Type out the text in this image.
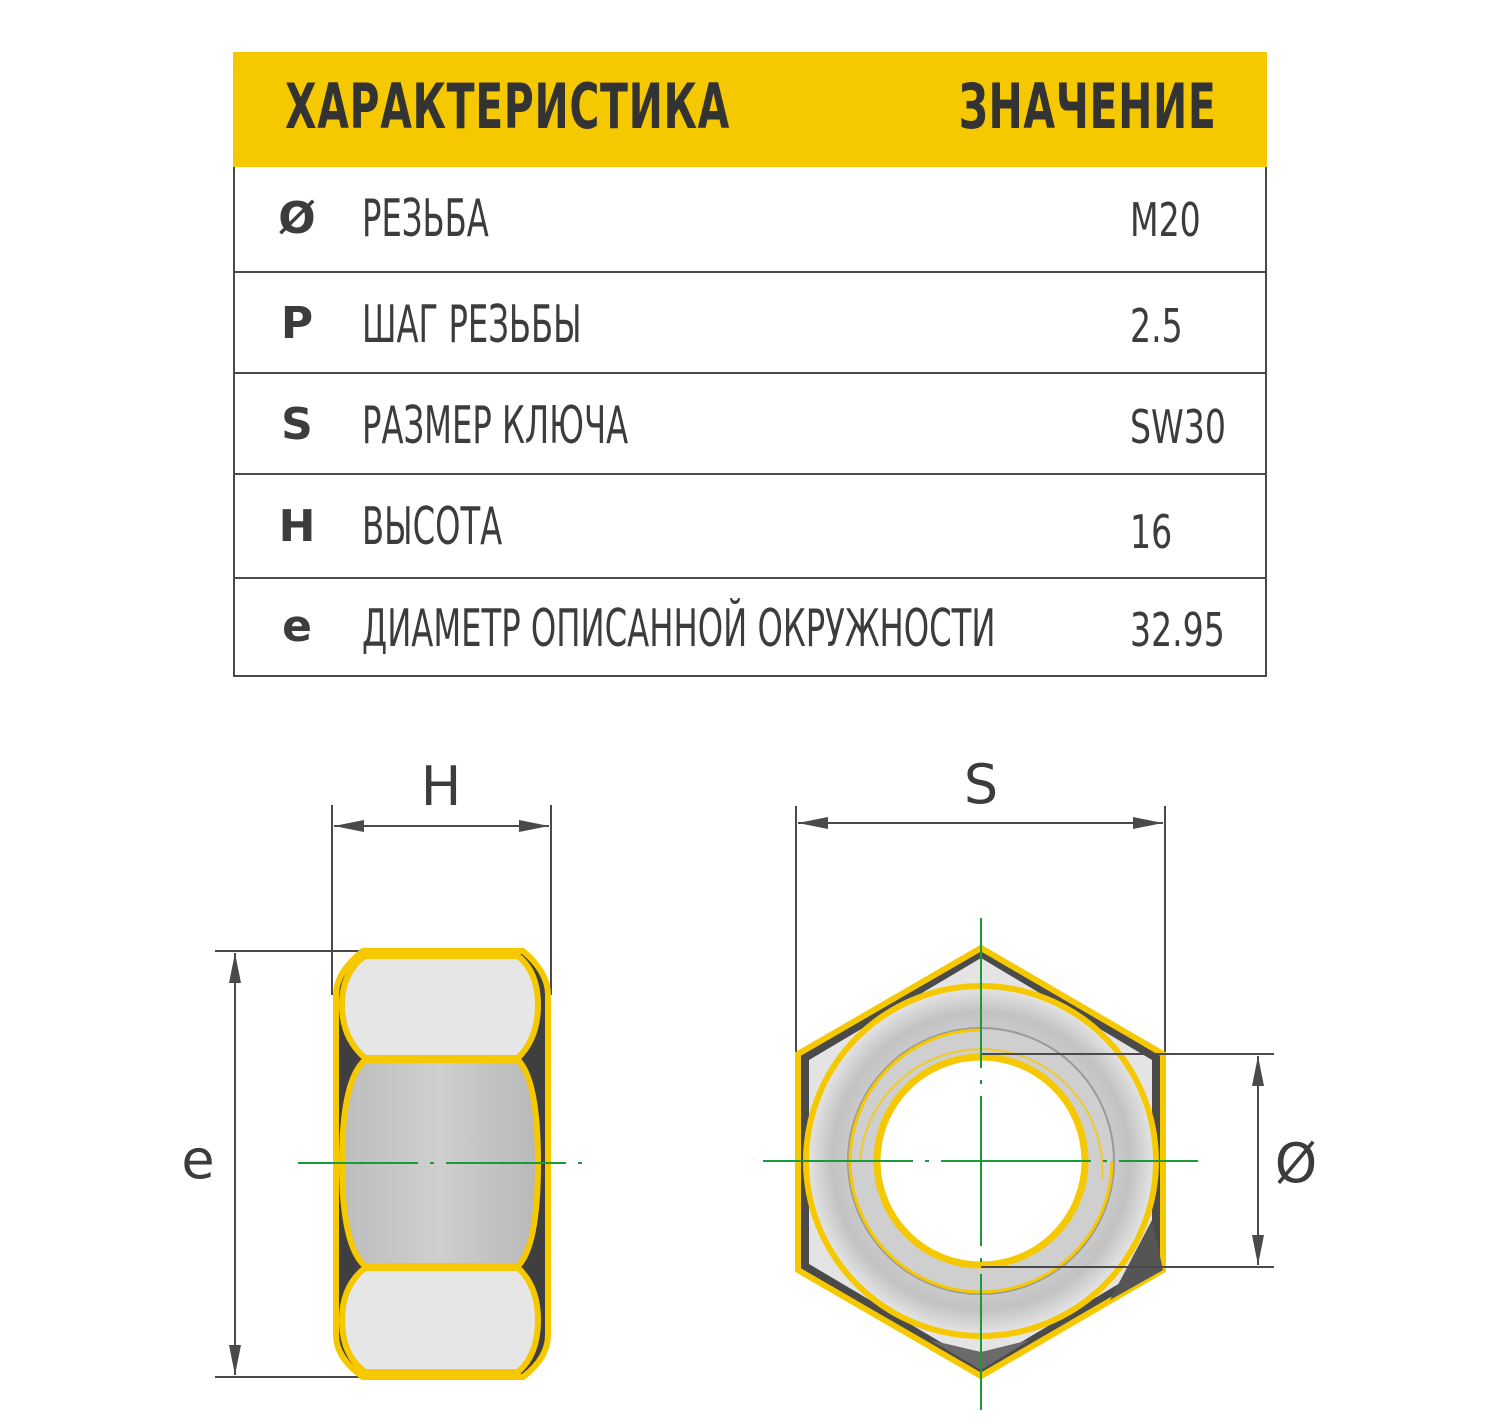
ХАРАКТЕРИСТИКА	ЗНАЧЕНИЕ
Ø РЕЗЬБА	M20
P ШАГ РЕЗЬБЫ	2.5
S РАЗМЕР КЛЮЧА	SW30
H ВЫСОТА	16
e ДИАМЕТР ОПИСАННОЙ ОКРУЖНОСТИ	32.95
H
e
S
Ø
